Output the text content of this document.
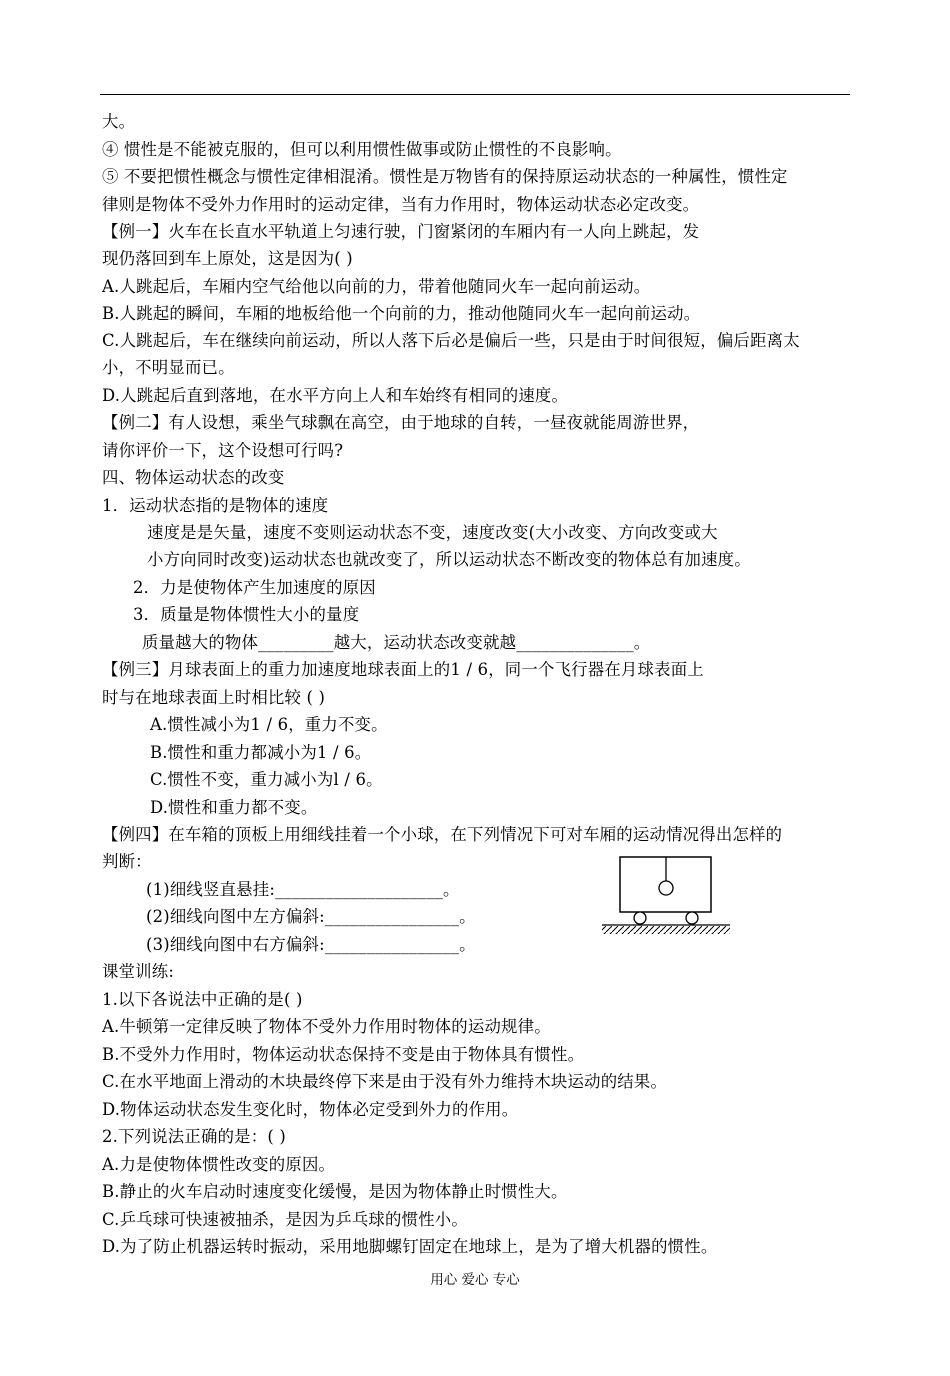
大。
④ 惯性是不能被克服的，但可以利用惯性做事或防止惯性的不良影响。
⑤ 不要把惯性概念与惯性定律相混淆。惯性是万物皆有的保持原运动状态的一种属性，惯性定
律则是物体不受外力作用时的运动定律，当有力作用时，物体运动状态必定改变。
【例一】火车在长直水平轨道上匀速行驶，门窗紧闭的车厢内有一人向上跳起，发
现仍落回到车上原处，这是因为( )
A.人跳起后，车厢内空气给他以向前的力，带着他随同火车一起向前运动。
B.人跳起的瞬间，车厢的地板给他一个向前的力，推动他随同火车一起向前运动。
C.人跳起后，车在继续向前运动，所以人落下后必是偏后一些，只是由于时间很短，偏后距离太
小，不明显而已。
D.人跳起后直到落地，在水平方向上人和车始终有相同的速度。
【例二】有人设想，乘坐气球飘在高空，由于地球的自转，一昼夜就能周游世界，
请你评价一下，这个设想可行吗?
四、物体运动状态的改变
1．运动状态指的是物体的速度
速度是是矢量，速度不变则运动状态不变，速度改变(大小改变、方向改变或大
小方向同时改变)运动状态也就改变了，所以运动状态不断改变的物体总有加速度。
2．力是使物体产生加速度的原因
3．质量是物体惯性大小的量度
质量越大的物体_________越大，运动状态改变就越______________。
【例三】月球表面上的重力加速度地球表面上的1 / 6，同一个飞行器在月球表面上
时与在地球表面上时相比较 ( )
A.惯性减小为1 / 6，重力不变。
B.惯性和重力都减小为1 / 6。
C.惯性不变，重力减小为l / 6。
D.惯性和重力都不变。
【例四】在车箱的顶板上用细线挂着一个小球，在下列情况下可对车厢的运动情况得出怎样的
判断：
(1)细线竖直悬挂:____________________。
(2)细线向图中左方偏斜:________________。
(3)细线向图中右方偏斜:________________。
课堂训练:
1.以下各说法中正确的是( )
A.牛顿第一定律反映了物体不受外力作用时物体的运动规律。
B.不受外力作用时，物体运动状态保持不变是由于物体具有惯性。
C.在水平地面上滑动的木块最终停下来是由于没有外力维持木块运动的结果。
D.物体运动状态发生变化时，物体必定受到外力的作用。
2.下列说法正确的是：( )
A.力是使物体惯性改变的原因。
B.静止的火车启动时速度变化缓慢，是因为物体静止时惯性大。
C.乒乓球可快速被抽杀，是因为乒乓球的惯性小。
D.为了防止机器运转时振动，采用地脚螺钉固定在地球上，是为了增大机器的惯性。
用心 爱心 专心
